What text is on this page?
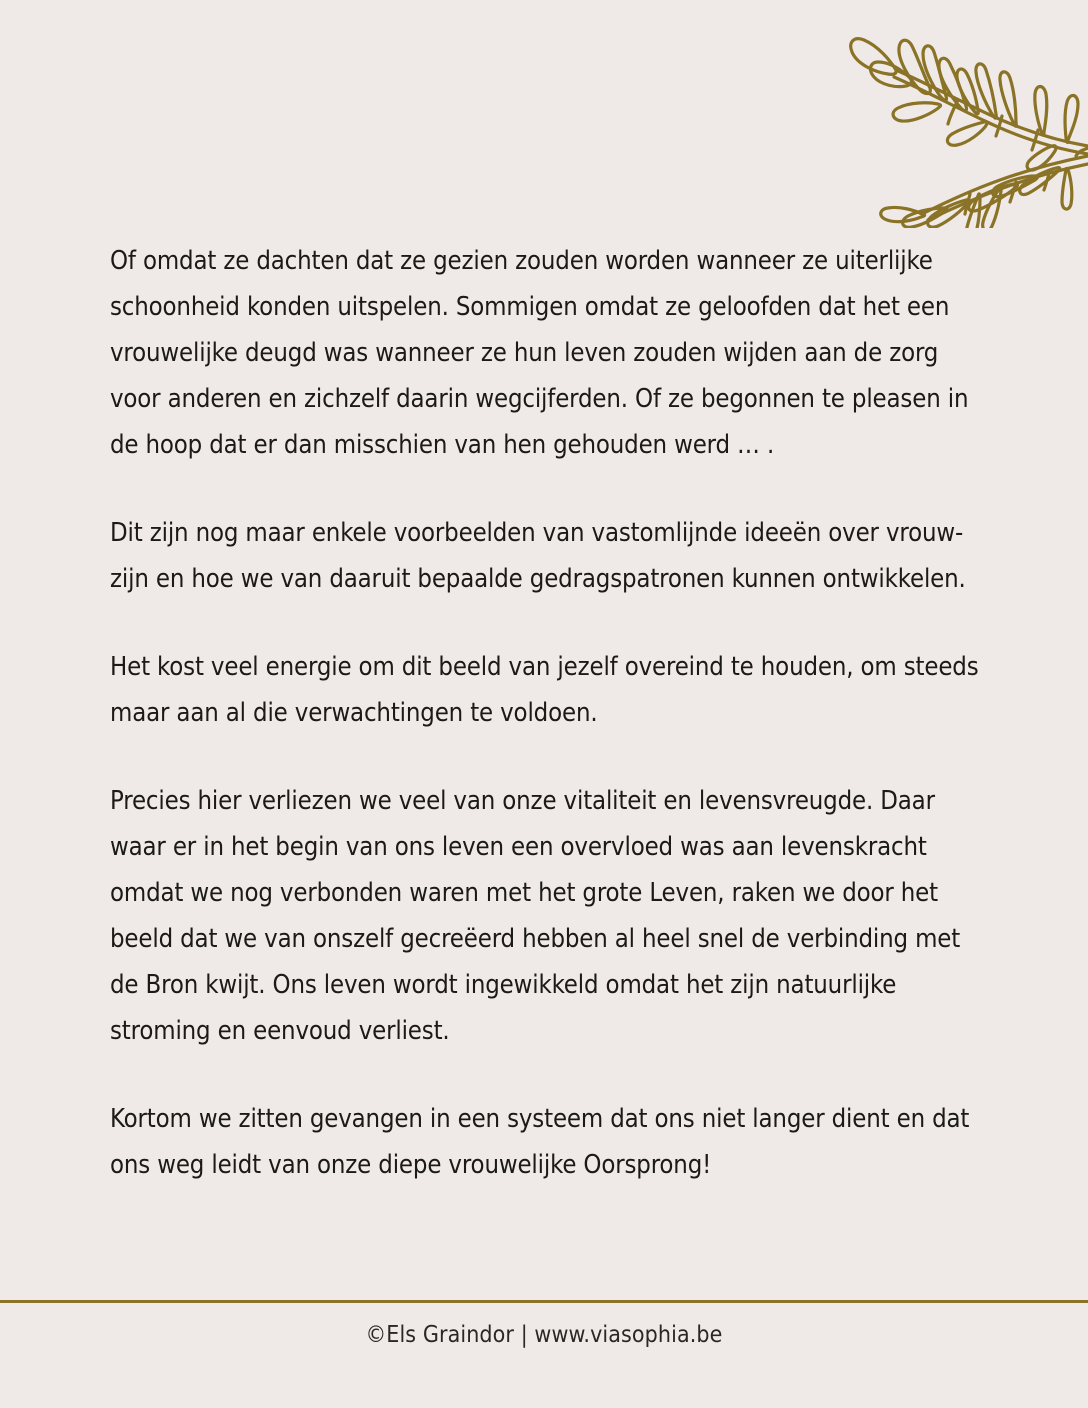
Of omdat ze dachten dat ze gezien zouden worden wanneer ze uiterlijke schoonheid konden uitspelen. Sommigen omdat ze geloofden dat het een vrouwelijke deugd was wanneer ze hun leven zouden wijden aan de zorg voor anderen en zichzelf daarin wegcijferden. Of ze begonnen te pleasen in de hoop dat er dan misschien van hen gehouden werd … .

Dit zijn nog maar enkele voorbeelden van vastomlijnde ideeën over vrouw-zijn en hoe we van daaruit bepaalde gedragspatronen kunnen ontwikkelen.

Het kost veel energie om dit beeld van jezelf overeind te houden, om steeds maar aan al die verwachtingen te voldoen.

Precies hier verliezen we veel van onze vitaliteit en levensvreugde. Daar waar er in het begin van ons leven een overvloed was aan levenskracht omdat we nog verbonden waren met het grote Leven, raken we door het beeld dat we van onszelf gecreëerd hebben al heel snel de verbinding met de Bron kwijt. Ons leven wordt ingewikkeld omdat het zijn natuurlijke stroming en eenvoud verliest.

Kortom we zitten gevangen in een systeem dat ons niet langer dient en dat ons weg leidt van onze diepe vrouwelijke Oorsprong!

©Els Graindor | www.viasophia.be
